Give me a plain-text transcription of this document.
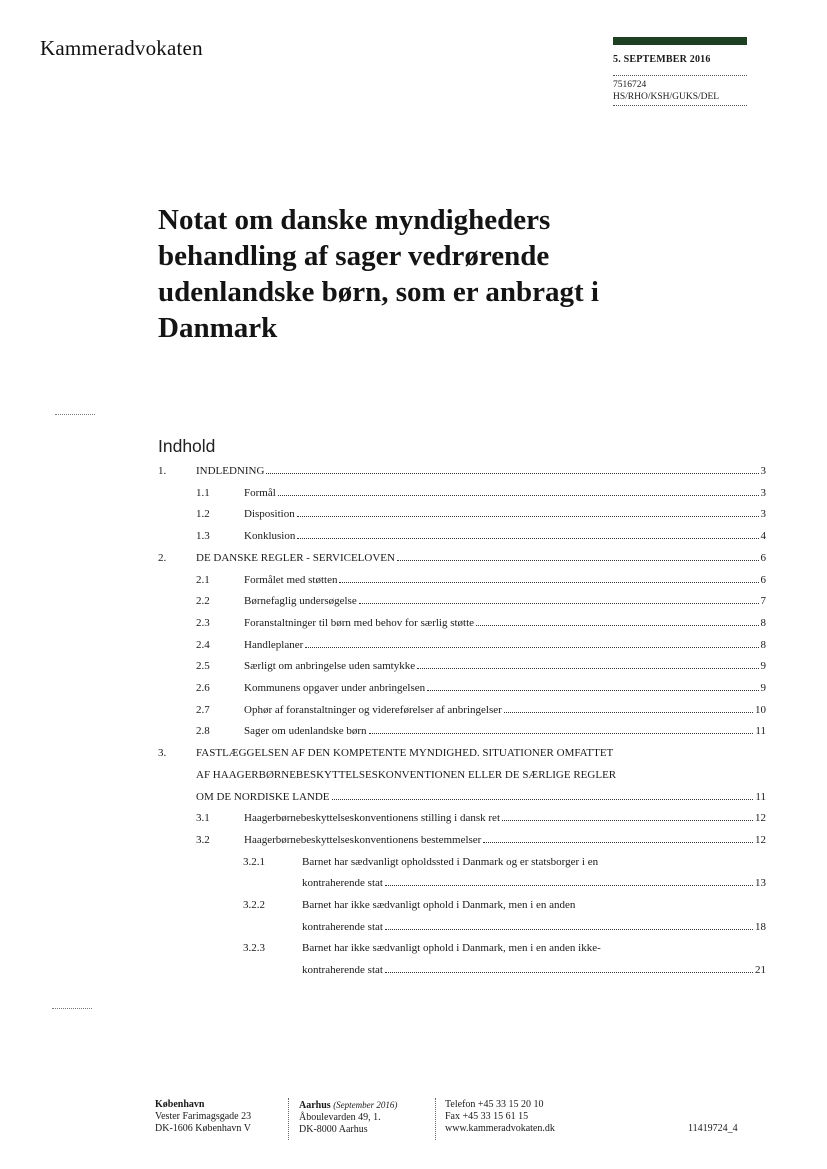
Kammeradvokaten	5. SEPTEMBER 2016
7516724
HS/RHO/KSH/GUKS/DEL
Notat om danske myndigheders behandling af sager vedrørende udenlandske børn, som er anbragt i Danmark
Indhold
1.	INDLEDNING	3
1.1	Formål	3
1.2	Disposition	3
1.3	Konklusion	4
2.	DE DANSKE REGLER - SERVICELOVEN	6
2.1	Formålet med støtten	6
2.2	Børnefaglig undersøgelse	7
2.3	Foranstaltninger til børn med behov for særlig støtte	8
2.4	Handleplaner	8
2.5	Særligt om anbringelse uden samtykke	9
2.6	Kommunens opgaver under anbringelsen	9
2.7	Ophør af foranstaltninger og videreførelser af anbringelser	10
2.8	Sager om udenlandske børn	11
3.	FASTLÆGGELSEN AF DEN KOMPETENTE MYNDIGHED. SITUATIONER OMFATTET
AF HAAGERBØRNEBESKYTTELSESKONVENTIONEN ELLER DE SÆRLIGE REGLER
OM DE NORDISKE LANDE	11
3.1	Haagerbørnebeskyttelseskonventionens stilling i dansk ret	12
3.2	Haagerbørnebeskyttelseskonventionens bestemmelser	12
3.2.1	Barnet har sædvanligt opholdssted i Danmark og er statsborger i en
kontraherende stat	13
3.2.2	Barnet har ikke sædvanligt ophold i Danmark, men i en anden
kontraherende stat	18
3.2.3	Barnet har ikke sædvanligt ophold i Danmark, men i en anden ikke-
kontraherende stat	21
København
Vester Farimagsgade 23
DK-1606 København V
Aarhus (September 2016)
Åboulevarden 49, 1.
DK-8000 Aarhus
Telefon +45 33 15 20 10
Fax +45 33 15 61 15
www.kammeradvokaten.dk	11419724_4
